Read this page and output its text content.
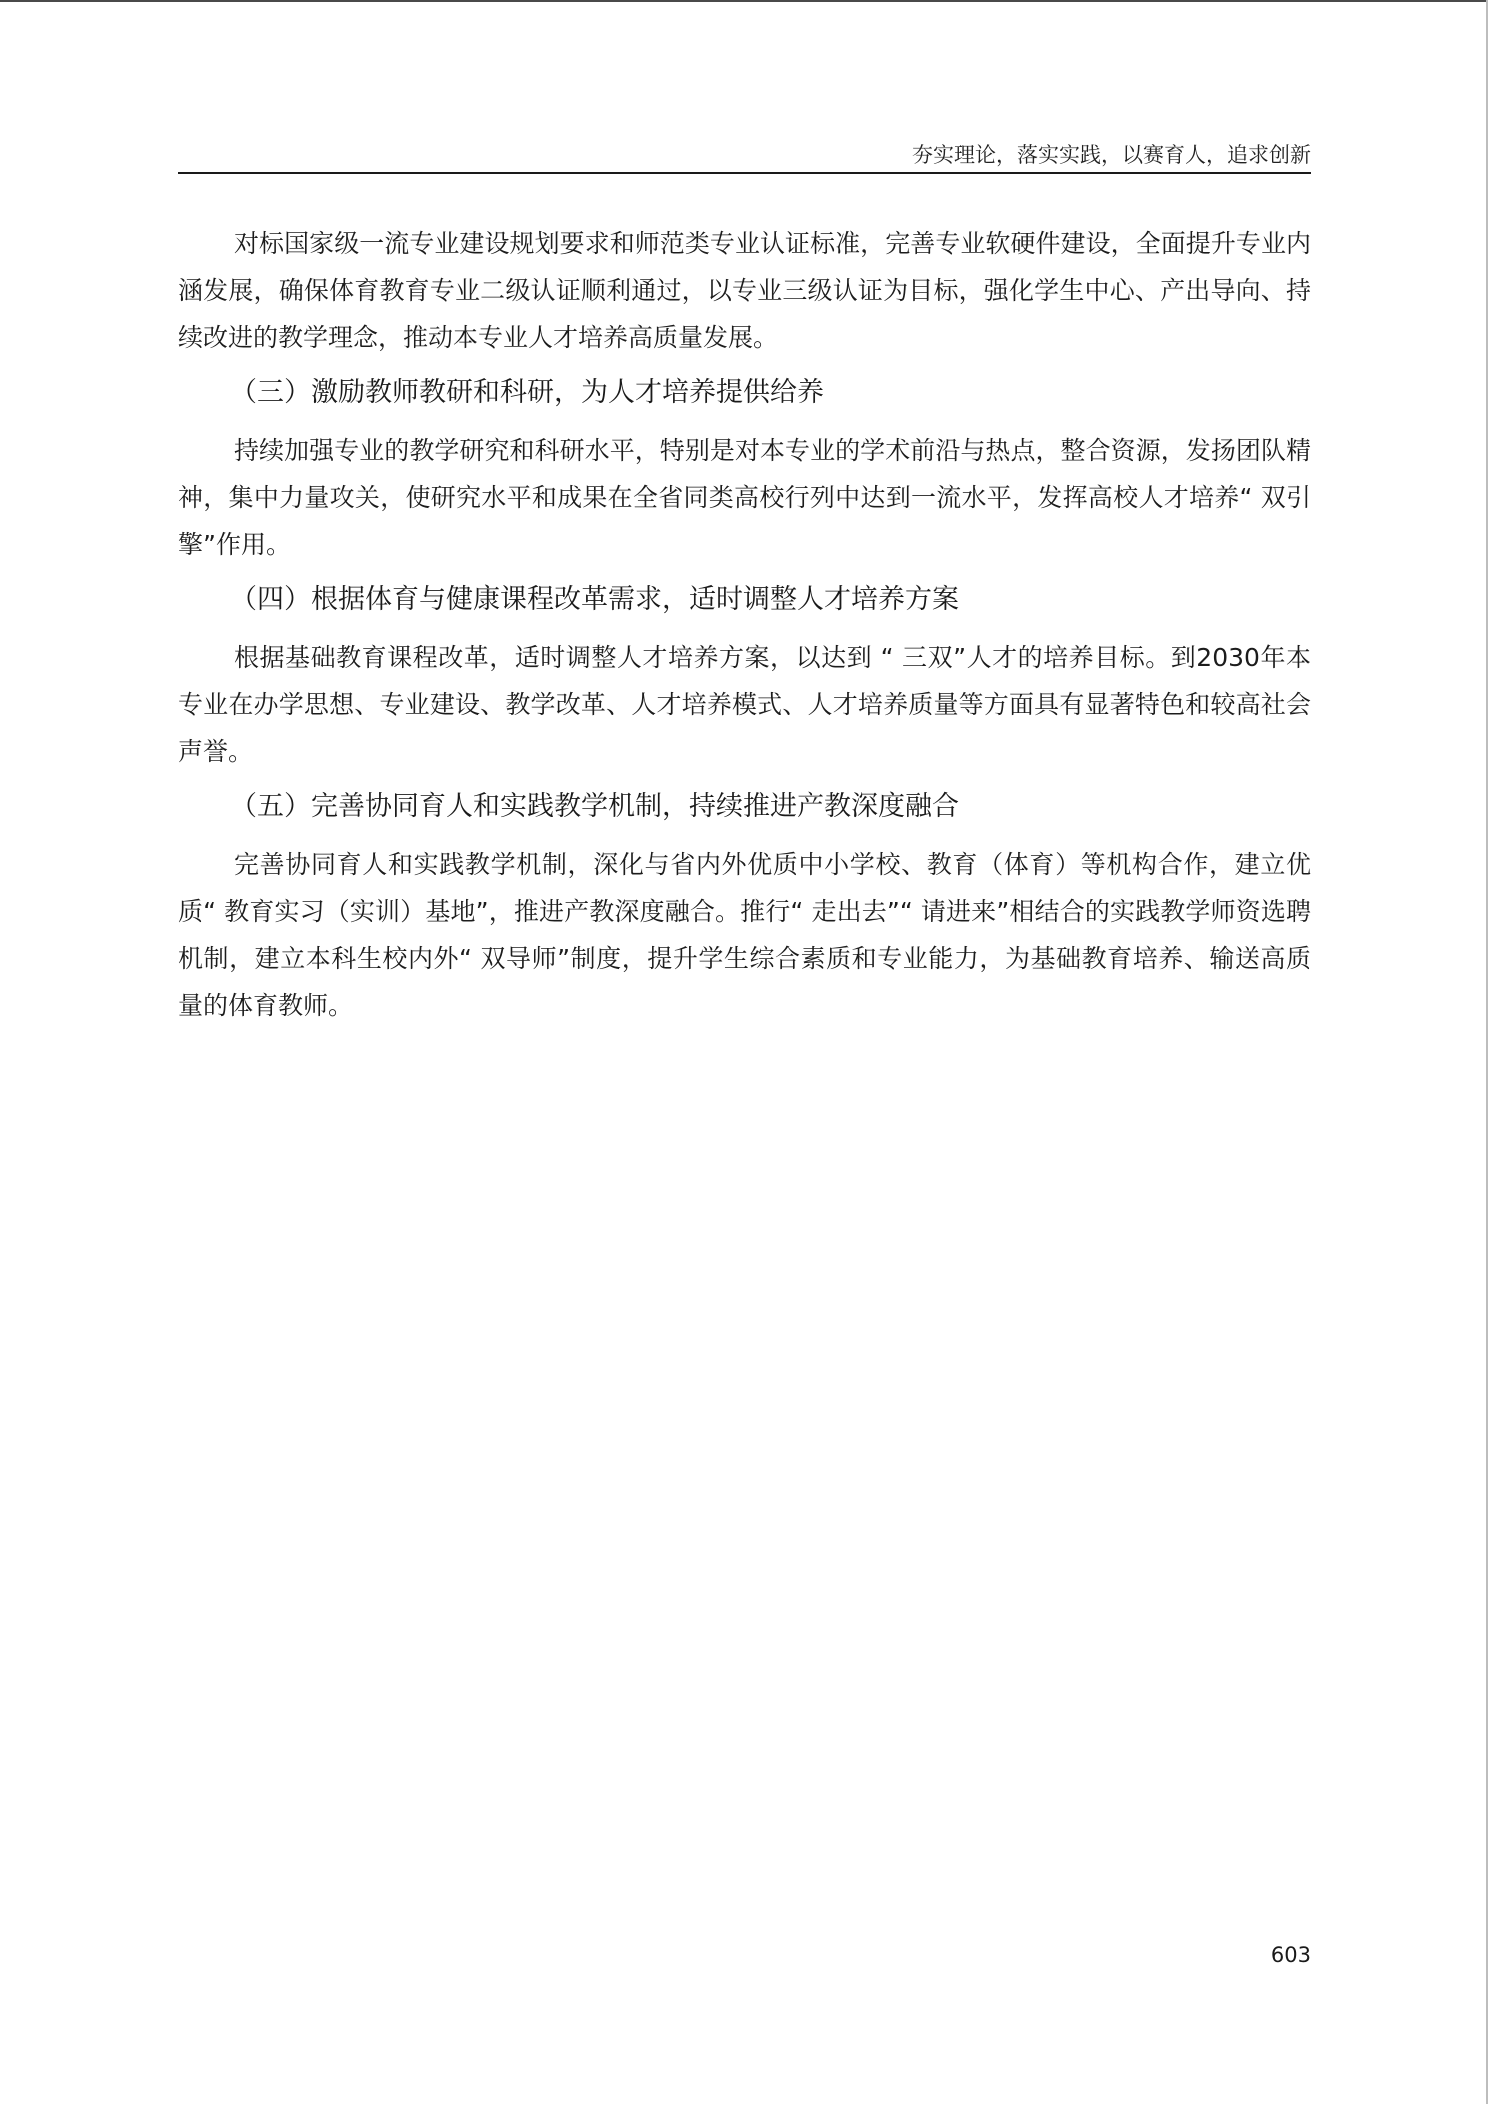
夯实理论，落实实践，以赛育人，追求创新

对标国家级一流专业建设规划要求和师范类专业认证标准，完善专业软硬件建设，全面提升专业内涵发展，确保体育教育专业二级认证顺利通过，以专业三级认证为目标，强化学生中心、产出导向、持续改进的教学理念，推动本专业人才培养高质量发展。

（三）激励教师教研和科研，为人才培养提供给养

持续加强专业的教学研究和科研水平，特别是对本专业的学术前沿与热点，整合资源，发扬团队精神，集中力量攻关，使研究水平和成果在全省同类高校行列中达到一流水平，发挥高校人才培养“ 双引擎”作用。

（四）根据体育与健康课程改革需求，适时调整人才培养方案

根据基础教育课程改革，适时调整人才培养方案，以达到 “ 三双”人才的培养目标。到2030年本专业在办学思想、专业建设、教学改革、人才培养模式、人才培养质量等方面具有显著特色和较高社会声誉。

（五）完善协同育人和实践教学机制，持续推进产教深度融合

完善协同育人和实践教学机制，深化与省内外优质中小学校、教育（体育）等机构合作，建立优质“ 教育实习（实训）基地”，推进产教深度融合。推行“ 走出去”“ 请进来”相结合的实践教学师资选聘机制，建立本科生校内外“ 双导师”制度，提升学生综合素质和专业能力，为基础教育培养、输送高质量的体育教师。

603
